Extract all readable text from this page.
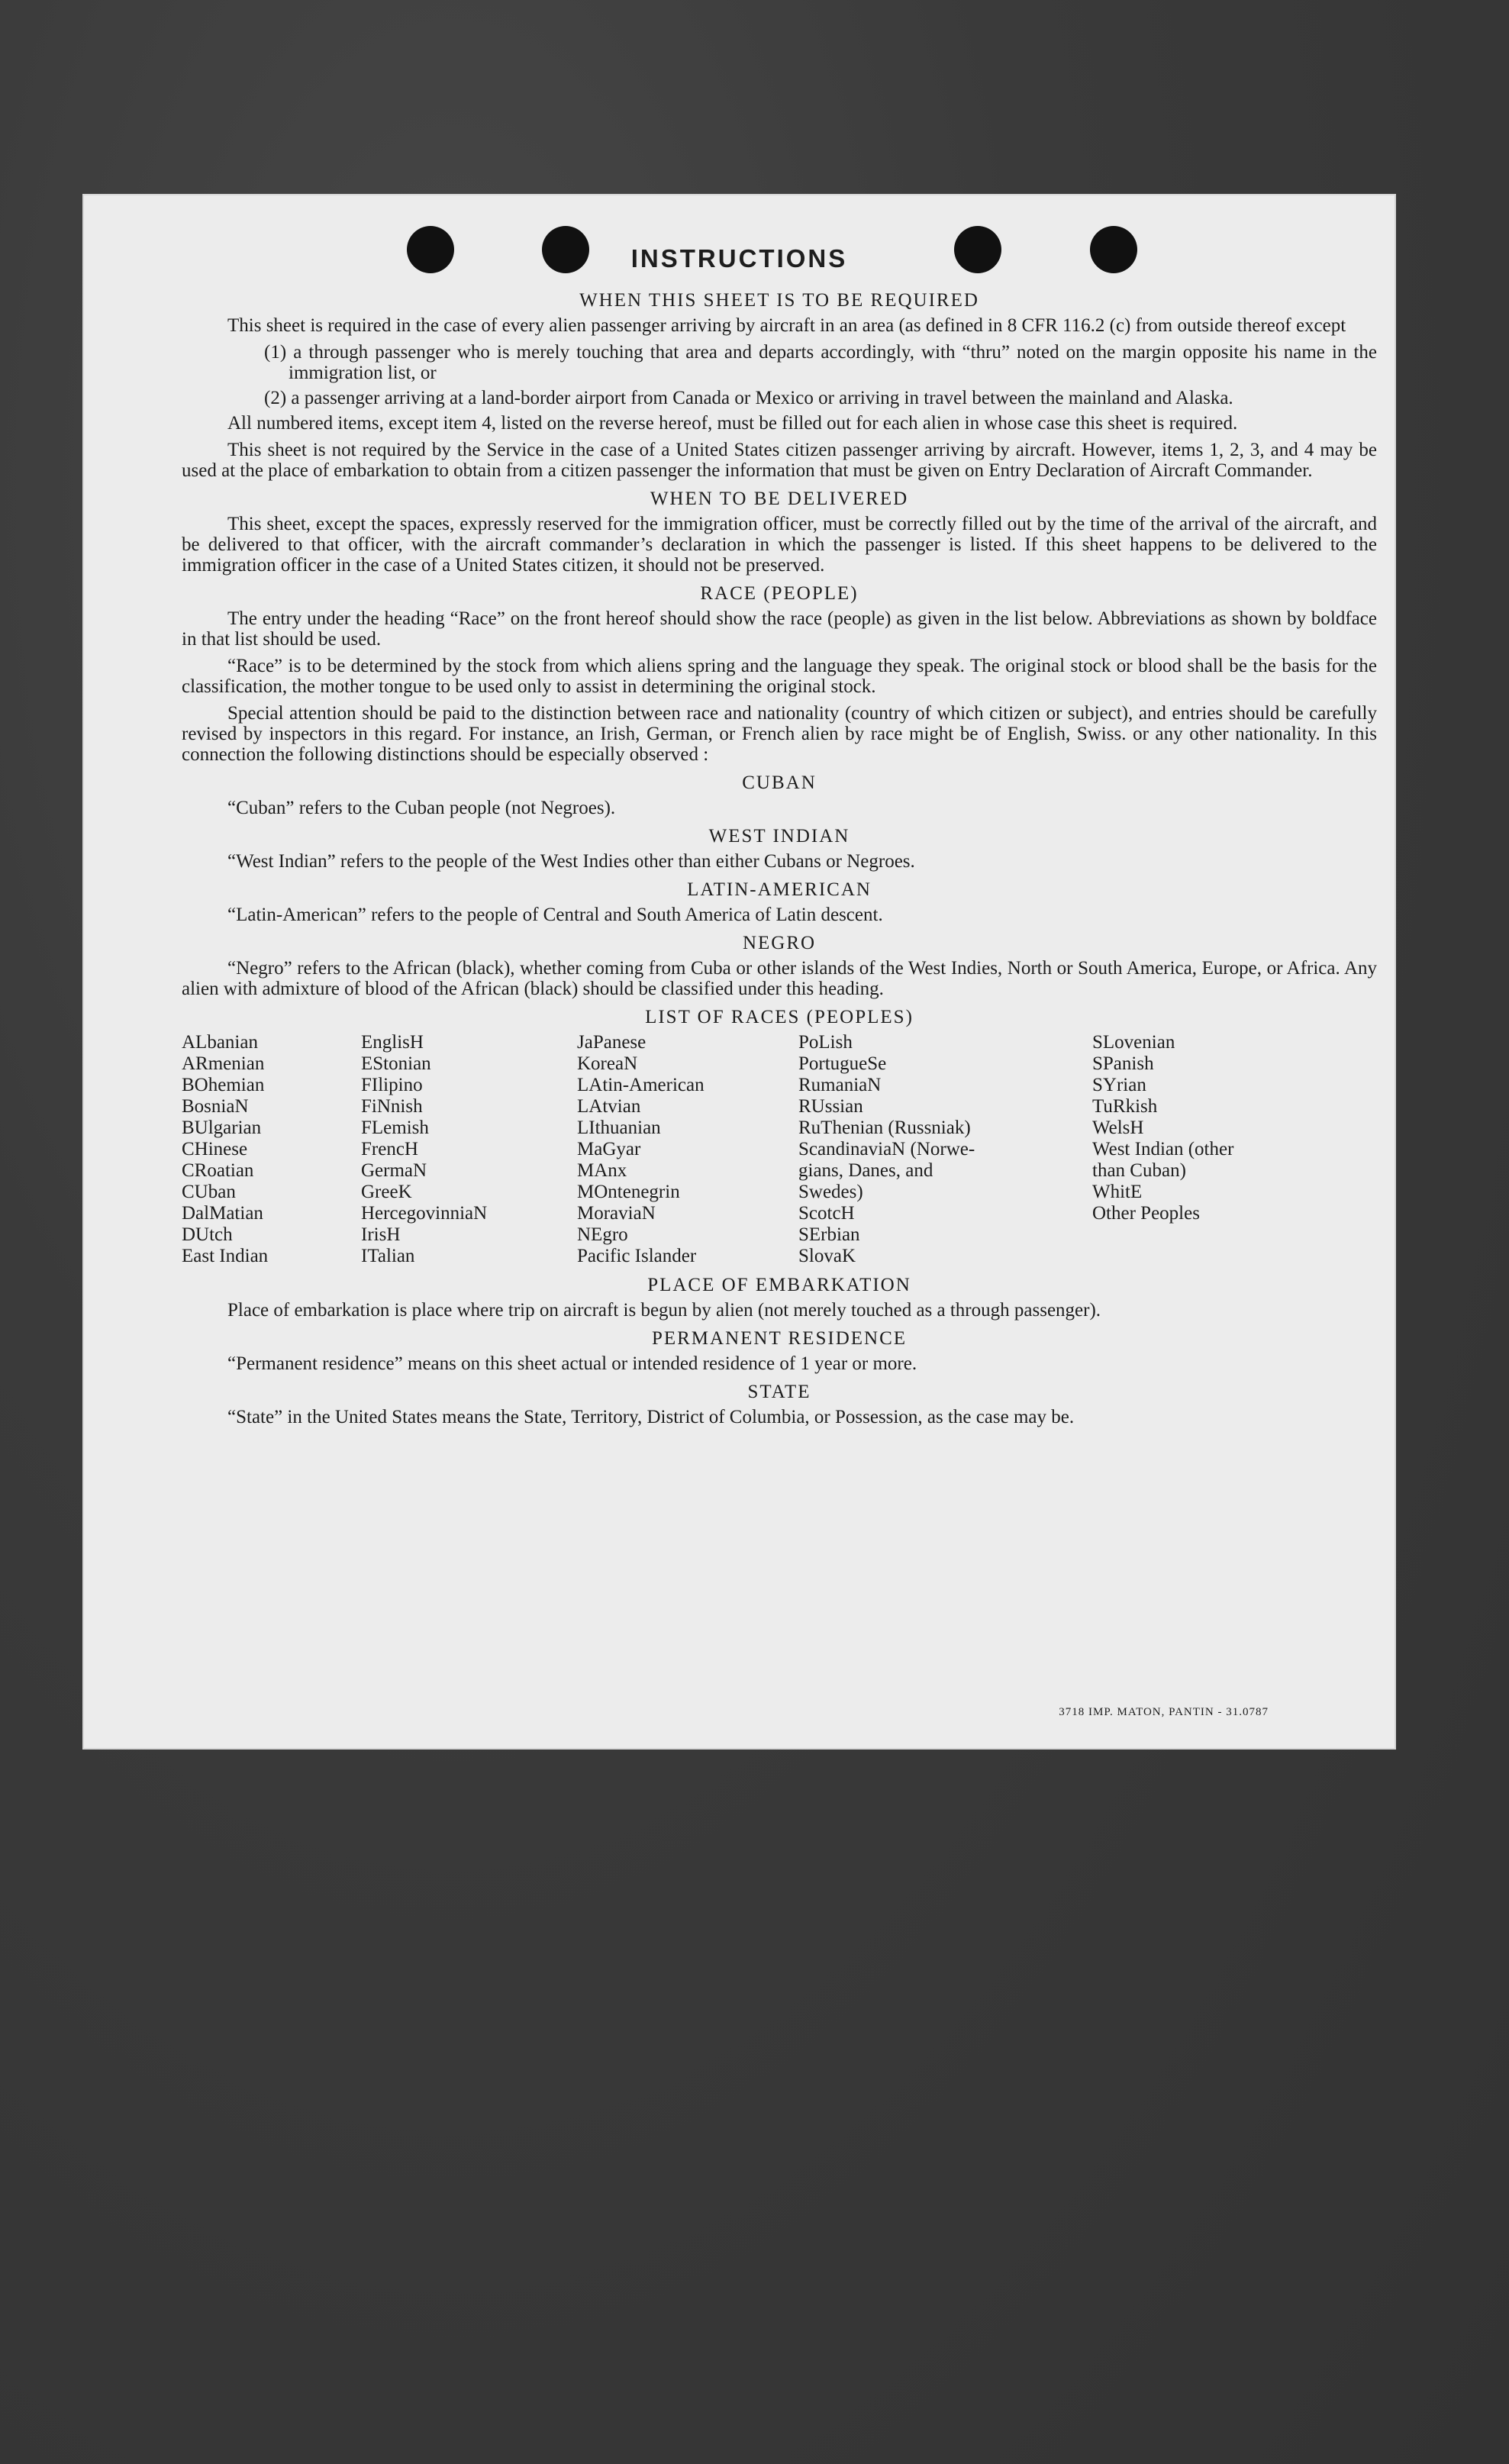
INSTRUCTIONS
WHEN THIS SHEET IS TO BE REQUIRED
This sheet is required in the case of every alien passenger arriving by aircraft in an area (as defined in 8 CFR 116.2 (c) from outside thereof except
(1) a through passenger who is merely touching that area and departs accordingly, with “thru” noted on the margin opposite his name in the immigration list, or
(2) a passenger arriving at a land-border airport from Canada or Mexico or arriving in travel between the mainland and Alaska.
All numbered items, except item 4, listed on the reverse hereof, must be filled out for each alien in whose case this sheet is required.
This sheet is not required by the Service in the case of a United States citizen passenger arriving by aircraft. However, items 1, 2, 3, and 4 may be used at the place of embarkation to obtain from a citizen passenger the information that must be given on Entry Declaration of Aircraft Commander.
WHEN TO BE DELIVERED
This sheet, except the spaces, expressly reserved for the immigration officer, must be correctly filled out by the time of the arrival of the aircraft, and be delivered to that officer, with the aircraft commander’s declaration in which the passenger is listed. If this sheet happens to be delivered to the immigration officer in the case of a United States citizen, it should not be preserved.
RACE (PEOPLE)
The entry under the heading “Race” on the front hereof should show the race (people) as given in the list below. Abbreviations as shown by boldface in that list should be used.
“Race” is to be determined by the stock from which aliens spring and the language they speak. The original stock or blood shall be the basis for the classification, the mother tongue to be used only to assist in determining the original stock.
Special attention should be paid to the distinction between race and nationality (country of which citizen or subject), and entries should be carefully revised by inspectors in this regard. For instance, an Irish, German, or French alien by race might be of English, Swiss. or any other nationality. In this connection the following distinctions should be especially observed :
CUBAN
“Cuban” refers to the Cuban people (not Negroes).
WEST INDIAN
“West Indian” refers to the people of the West Indies other than either Cubans or Negroes.
LATIN-AMERICAN
“Latin-American” refers to the people of Central and South America of Latin descent.
NEGRO
“Negro” refers to the African (black), whether coming from Cuba or other islands of the West Indies, North or South America, Europe, or Africa. Any alien with admixture of blood of the African (black) should be classified under this heading.
LIST OF RACES (PEOPLES)
ALbanian
ARmenian
BOhemian
BosniaN
BUlgarian
CHinese
CRoatian
CUban
DalMatian
DUtch
East Indian
EnglisH
EStonian
FIlipino
FiNnish
FLemish
FrencH
GermaN
GreeK
HercegovinniaN
IrisH
ITalian
JaPanese
KoreaN
LAtin-American
LAtvian
LIthuanian
MaGyar
MAnx
MOntenegrin
MoraviaN
NEgro
Pacific Islander
PoLish
PortugueSe
RumaniaN
RUssian
RuThenian (Russniak)
ScandinaviaN (Norwe-
gians, Danes, and
Swedes)
ScotcH
SErbian
SlovaK
SLovenian
SPanish
SYrian
TuRkish
WelsH
West Indian (other
than Cuban)
WhitE
Other Peoples
PLACE OF EMBARKATION
Place of embarkation is place where trip on aircraft is begun by alien (not merely touched as a through passenger).
PERMANENT RESIDENCE
“Permanent residence” means on this sheet actual or intended residence of 1 year or more.
STATE
“State” in the United States means the State, Territory, District of Columbia, or Possession, as the case may be.
3718 IMP. MATON, PANTIN - 31.0787
